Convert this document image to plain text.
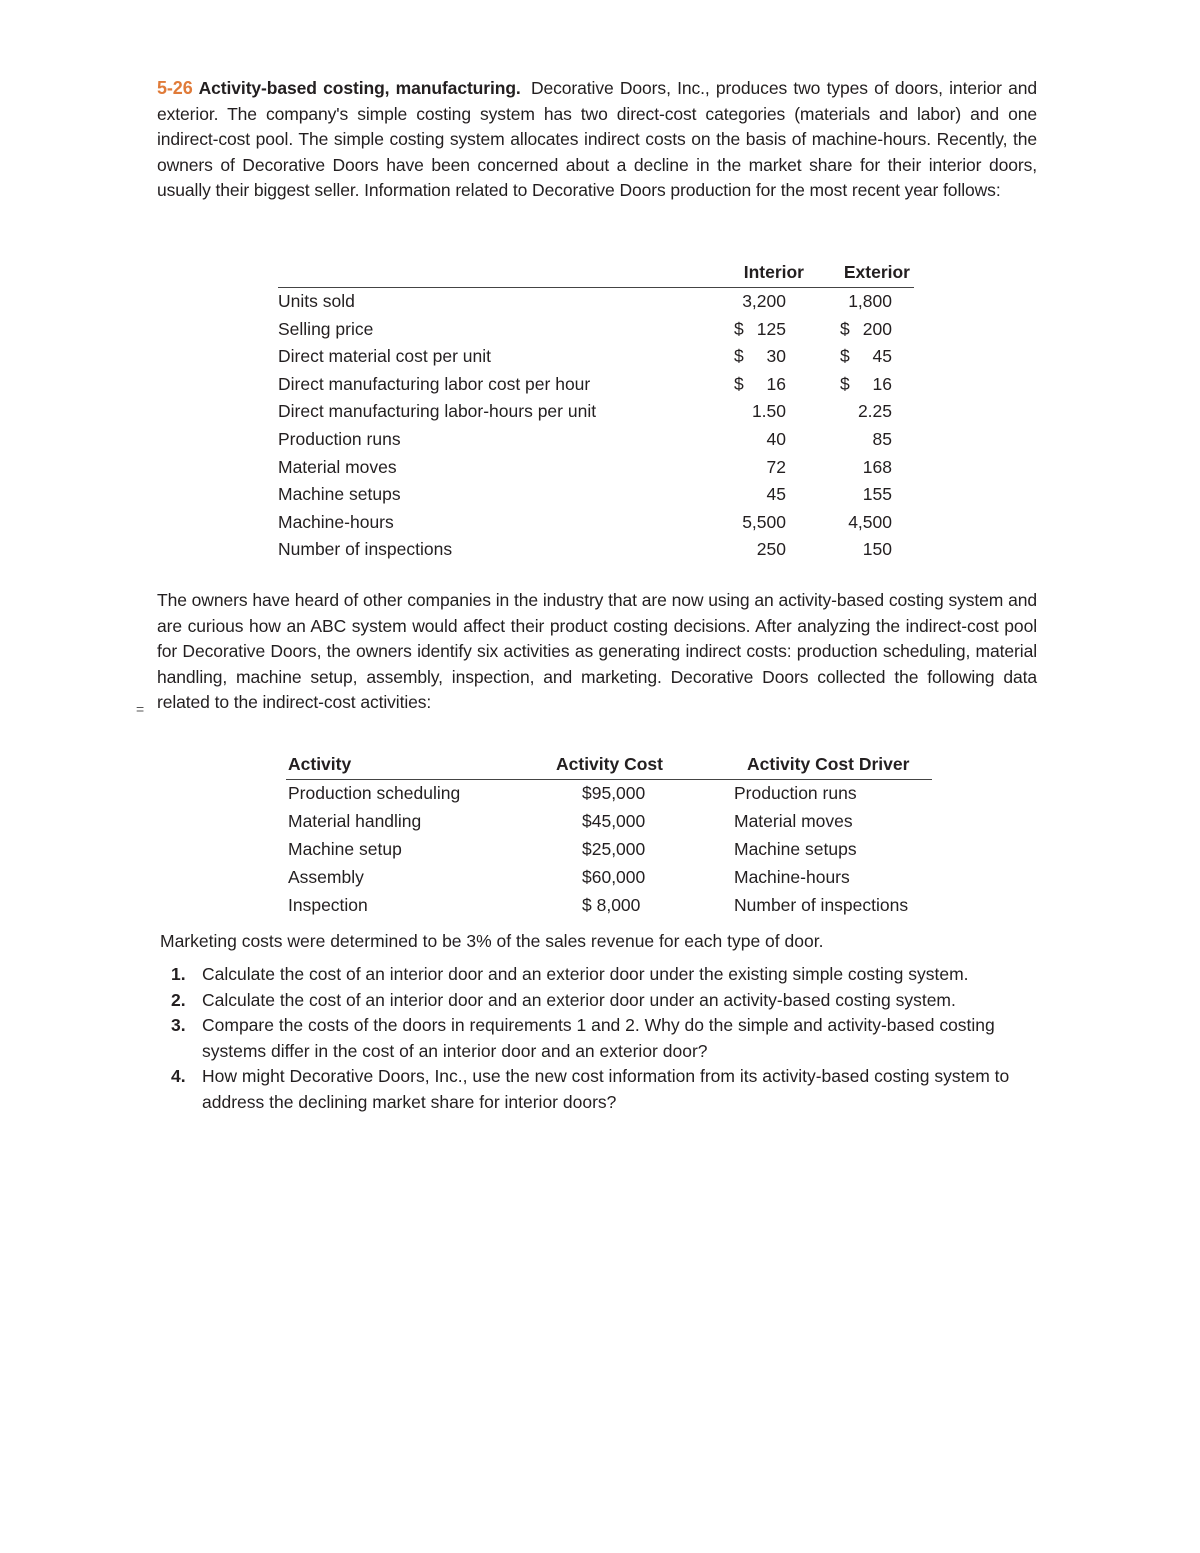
5-26 Activity-based costing, manufacturing. Decorative Doors, Inc., produces two types of doors, interior and exterior. The company's simple costing system has two direct-cost categories (materials and labor) and one indirect-cost pool. The simple costing system allocates indirect costs on the basis of machine-hours. Recently, the owners of Decorative Doors have been concerned about a decline in the market share for their interior doors, usually their biggest seller. Information related to Decorative Doors production for the most recent year follows:
Interior Exterior
Units sold	3,200	1,800
Selling price	$ 125	$ 200
Direct material cost per unit	$ 30	$ 45
Direct manufacturing labor cost per hour	$ 16	$ 16
Direct manufacturing labor-hours per unit	1.50	2.25
Production runs	40	85
Material moves	72	168
Machine setups	45	155
Machine-hours	5,500	4,500
Number of inspections	250	150
The owners have heard of other companies in the industry that are now using an activity-based costing system and are curious how an ABC system would affect their product costing decisions. After analyzing the indirect-cost pool for Decorative Doors, the owners identify six activities as generating indirect costs: production scheduling, material handling, machine setup, assembly, inspection, and marketing. Decorative Doors collected the following data related to the indirect-cost activities:
=
Activity	Activity Cost	Activity Cost Driver
Production scheduling	$95,000	Production runs
Material handling	$45,000	Material moves
Machine setup	$25,000	Machine setups
Assembly	$60,000	Machine-hours
Inspection	$ 8,000	Number of inspections
Marketing costs were determined to be 3% of the sales revenue for each type of door.
1. Calculate the cost of an interior door and an exterior door under the existing simple costing system.
2. Calculate the cost of an interior door and an exterior door under an activity-based costing system.
3. Compare the costs of the doors in requirements 1 and 2. Why do the simple and activity-based costing systems differ in the cost of an interior door and an exterior door?
4. How might Decorative Doors, Inc., use the new cost information from its activity-based costing system to address the declining market share for interior doors?
